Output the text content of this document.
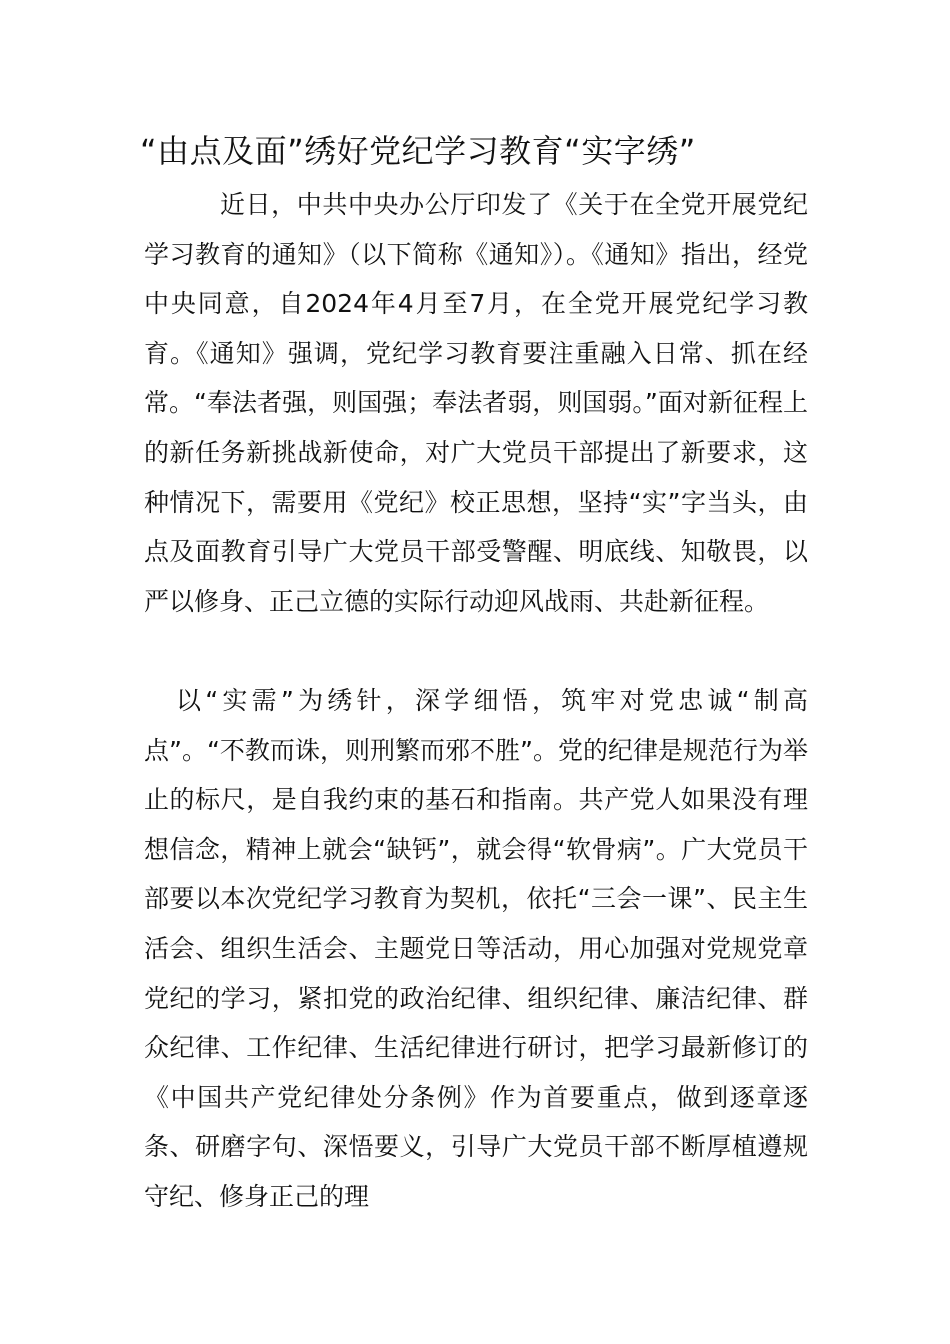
“由点及面”绣好党纪学习教育“实字绣”

近日，中共中央办公厅印发了《关于在全党开展党纪学习教育的通知》（以下简称《通知》）。《通知》指出，经党中央同意，自2024年4月至7月，在全党开展党纪学习教育。《通知》强调，党纪学习教育要注重融入日常、抓在经常。“奉法者强，则国强；奉法者弱，则国弱。”面对新征程上的新任务新挑战新使命，对广大党员干部提出了新要求，这种情况下，需要用《党纪》校正思想，坚持“实”字当头，由点及面教育引导广大党员干部受警醒、明底线、知敬畏，以严以修身、正己立德的实际行动迎风战雨、共赴新征程。

以“实需”为绣针，深学细悟，筑牢对党忠诚“制高点”。“不教而诛，则刑繁而邪不胜”。党的纪律是规范行为举止的标尺，是自我约束的基石和指南。共产党人如果没有理想信念，精神上就会“缺钙”，就会得“软骨病”。广大党员干部要以本次党纪学习教育为契机，依托“三会一课”、民主生活会、组织生活会、主题党日等活动，用心加强对党规党章党纪的学习，紧扣党的政治纪律、组织纪律、廉洁纪律、群众纪律、工作纪律、生活纪律进行研讨，把学习最新修订的《中国共产党纪律处分条例》作为首要重点，做到逐章逐条、研磨字句、深悟要义，引导广大党员干部不断厚植遵规守纪、修身正己的理
